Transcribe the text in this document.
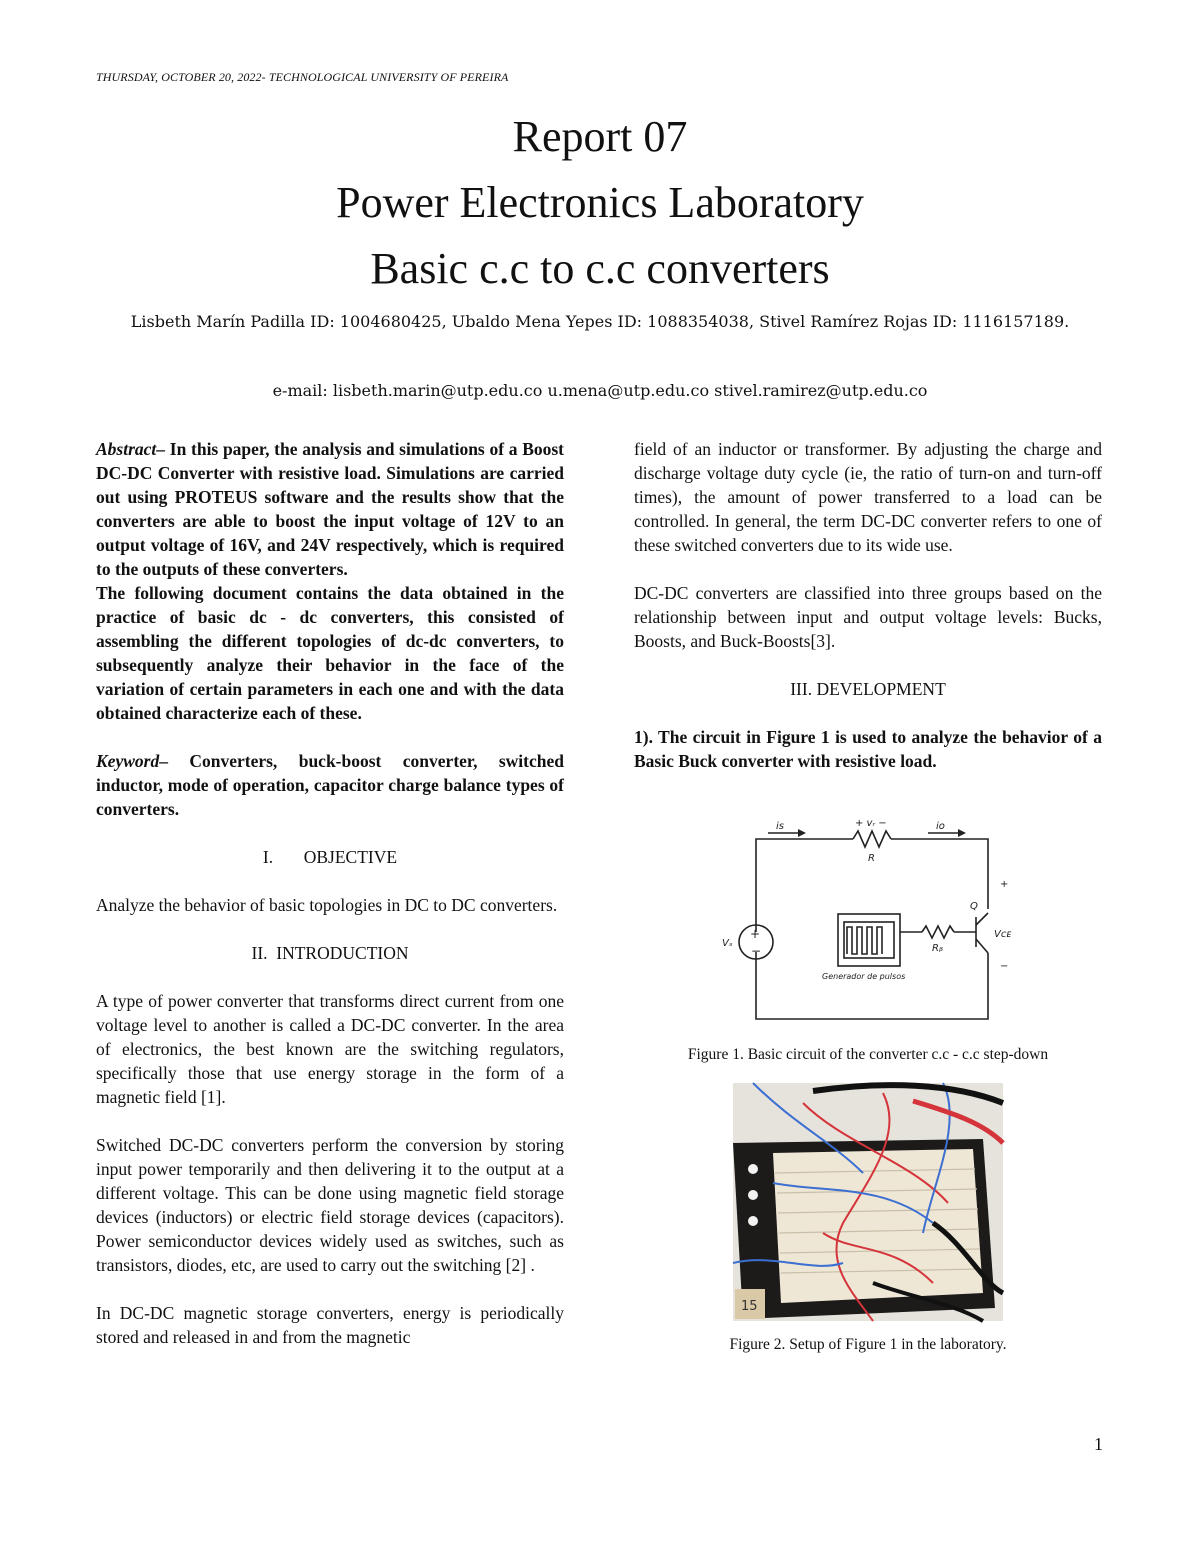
THURSDAY, OCTOBER 20, 2022- TECHNOLOGICAL UNIVERSITY OF PEREIRA
Report 07
Power Electronics Laboratory
Basic c.c to c.c converters
Lisbeth Marín Padilla ID: 1004680425, Ubaldo Mena Yepes ID: 1088354038, Stivel Ramírez Rojas ID: 1116157189.
e-mail: lisbeth.marin@utp.edu.co u.mena@utp.edu.co stivel.ramirez@utp.edu.co

Abstract– In this paper, the analysis and simulations of a Boost DC-DC Converter with resistive load. Simulations are carried out using PROTEUS software and the results show that the converters are able to boost the input voltage of 12V to an output voltage of 16V, and 24V respectively, which is required to the outputs of these converters.

The following document contains the data obtained in the practice of basic dc - dc converters, this consisted of assembling the different topologies of dc-dc converters, to subsequently analyze their behavior in the face of the variation of certain parameters in each one and with the data obtained characterize each of these.

Keyword– Converters, buck-boost converter, switched inductor, mode of operation, capacitor charge balance types of converters.

I.       OBJECTIVE

Analyze the behavior of basic topologies in DC to DC converters.

II.  INTRODUCTION

A type of power converter that transforms direct current from one voltage level to another is called a DC-DC converter. In the area of electronics, the best known are the switching regulators, specifically those that use energy storage in the form of a magnetic field [1].

Switched DC-DC converters perform the conversion by storing input power temporarily and then delivering it to the output at a different voltage. This can be done using magnetic field storage devices (inductors) or electric field storage devices (capacitors). Power semiconductor devices widely used as switches, such as transistors, diodes, etc, are used to carry out the switching [2] .

In DC-DC magnetic storage converters, energy is periodically stored and released in and from the magnetic

field of an inductor or transformer. By adjusting the charge and discharge voltage duty cycle (ie, the ratio of turn-on and turn-off times), the amount of power transferred to a load can be controlled. In general, the term DC-DC converter refers to one of these switched converters due to its wide use.

DC-DC converters are classified into three groups based on the relationship between input and output voltage levels: Bucks, Boosts, and Buck-Boosts[3].

III. DEVELOPMENT

1). The circuit in Figure 1 is used to analyze the behavior of a Basic Buck converter with resistive load.

is	+ vᵣ −	io
R
Q
+
−
Vₛ
Vᴄᴇ
Rᵦ
Generador de pulsos
+
−

Figure 1. Basic circuit of the converter c.c - c.c step-down

15

Figure 2. Setup of Figure 1 in the laboratory.

1
